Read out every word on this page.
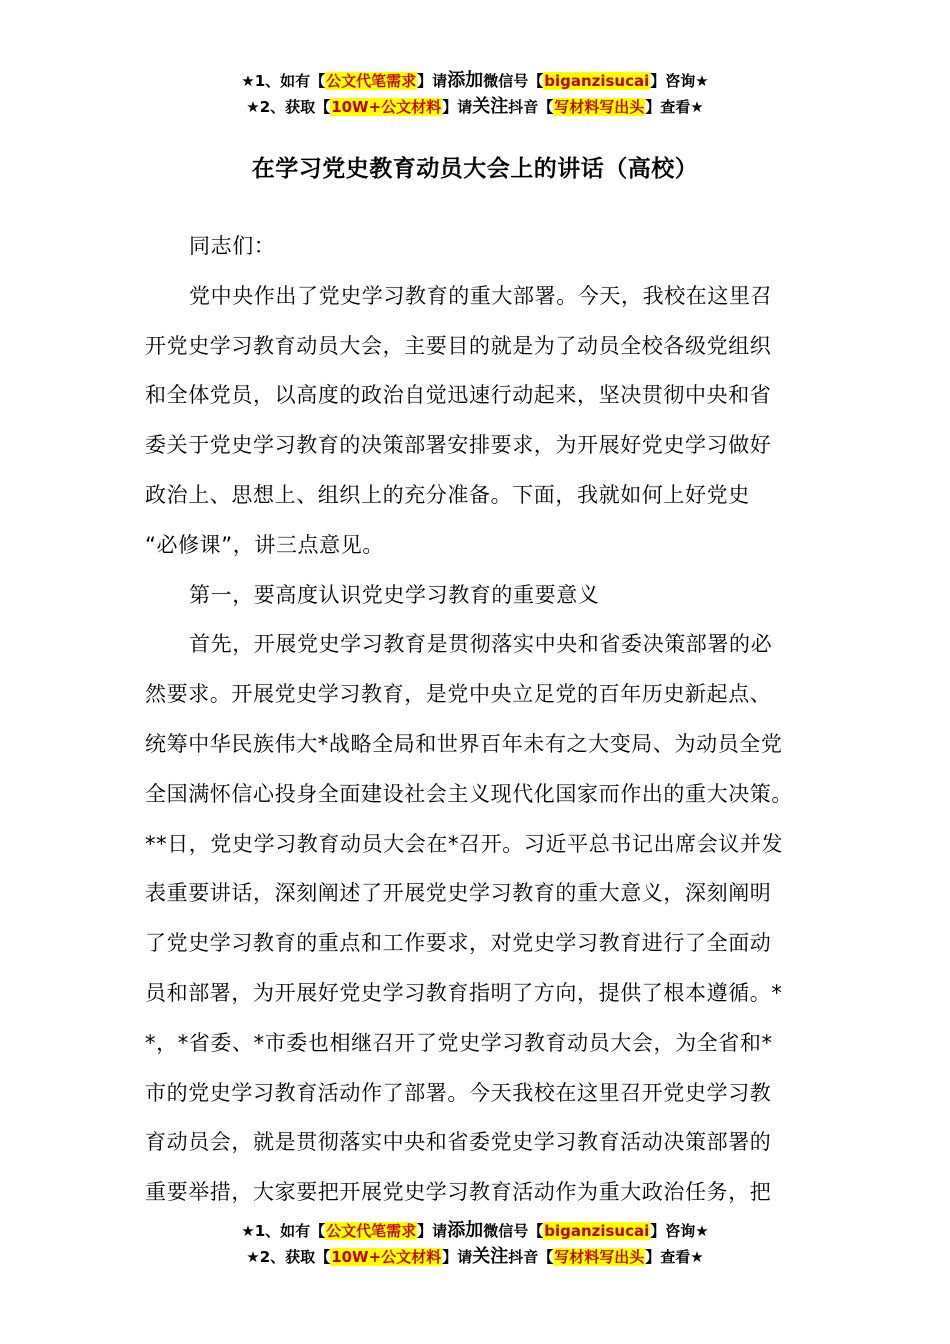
★1、如有【公文代笔需求】请添加微信号【biganzisucai】咨询★
★2、获取【10W+公文材料】请关注抖音【写材料写出头】查看★
在学习党史教育动员大会上的讲话（高校）
同志们：
党中央作出了党史学习教育的重大部署。今天，我校在这里召
开党史学习教育动员大会，主要目的就是为了动员全校各级党组织
和全体党员，以高度的政治自觉迅速行动起来，坚决贯彻中央和省
委关于党史学习教育的决策部署安排要求，为开展好党史学习做好
政治上、思想上、组织上的充分准备。下面，我就如何上好党史
“必修课”，讲三点意见。
第一，要高度认识党史学习教育的重要意义
首先，开展党史学习教育是贯彻落实中央和省委决策部署的必
然要求。开展党史学习教育，是党中央立足党的百年历史新起点、
统筹中华民族伟大*战略全局和世界百年未有之大变局、为动员全党
全国满怀信心投身全面建设社会主义现代化国家而作出的重大决策。
**日，党史学习教育动员大会在*召开。习近平总书记出席会议并发
表重要讲话，深刻阐述了开展党史学习教育的重大意义，深刻阐明
了党史学习教育的重点和工作要求，对党史学习教育进行了全面动
员和部署，为开展好党史学习教育指明了方向，提供了根本遵循。*
*，*省委、*市委也相继召开了党史学习教育动员大会，为全省和*
市的党史学习教育活动作了部署。今天我校在这里召开党史学习教
育动员会，就是贯彻落实中央和省委党史学习教育活动决策部署的
重要举措，大家要把开展党史学习教育活动作为重大政治任务，把
★1、如有【公文代笔需求】请添加微信号【biganzisucai】咨询★
★2、获取【10W+公文材料】请关注抖音【写材料写出头】查看★
